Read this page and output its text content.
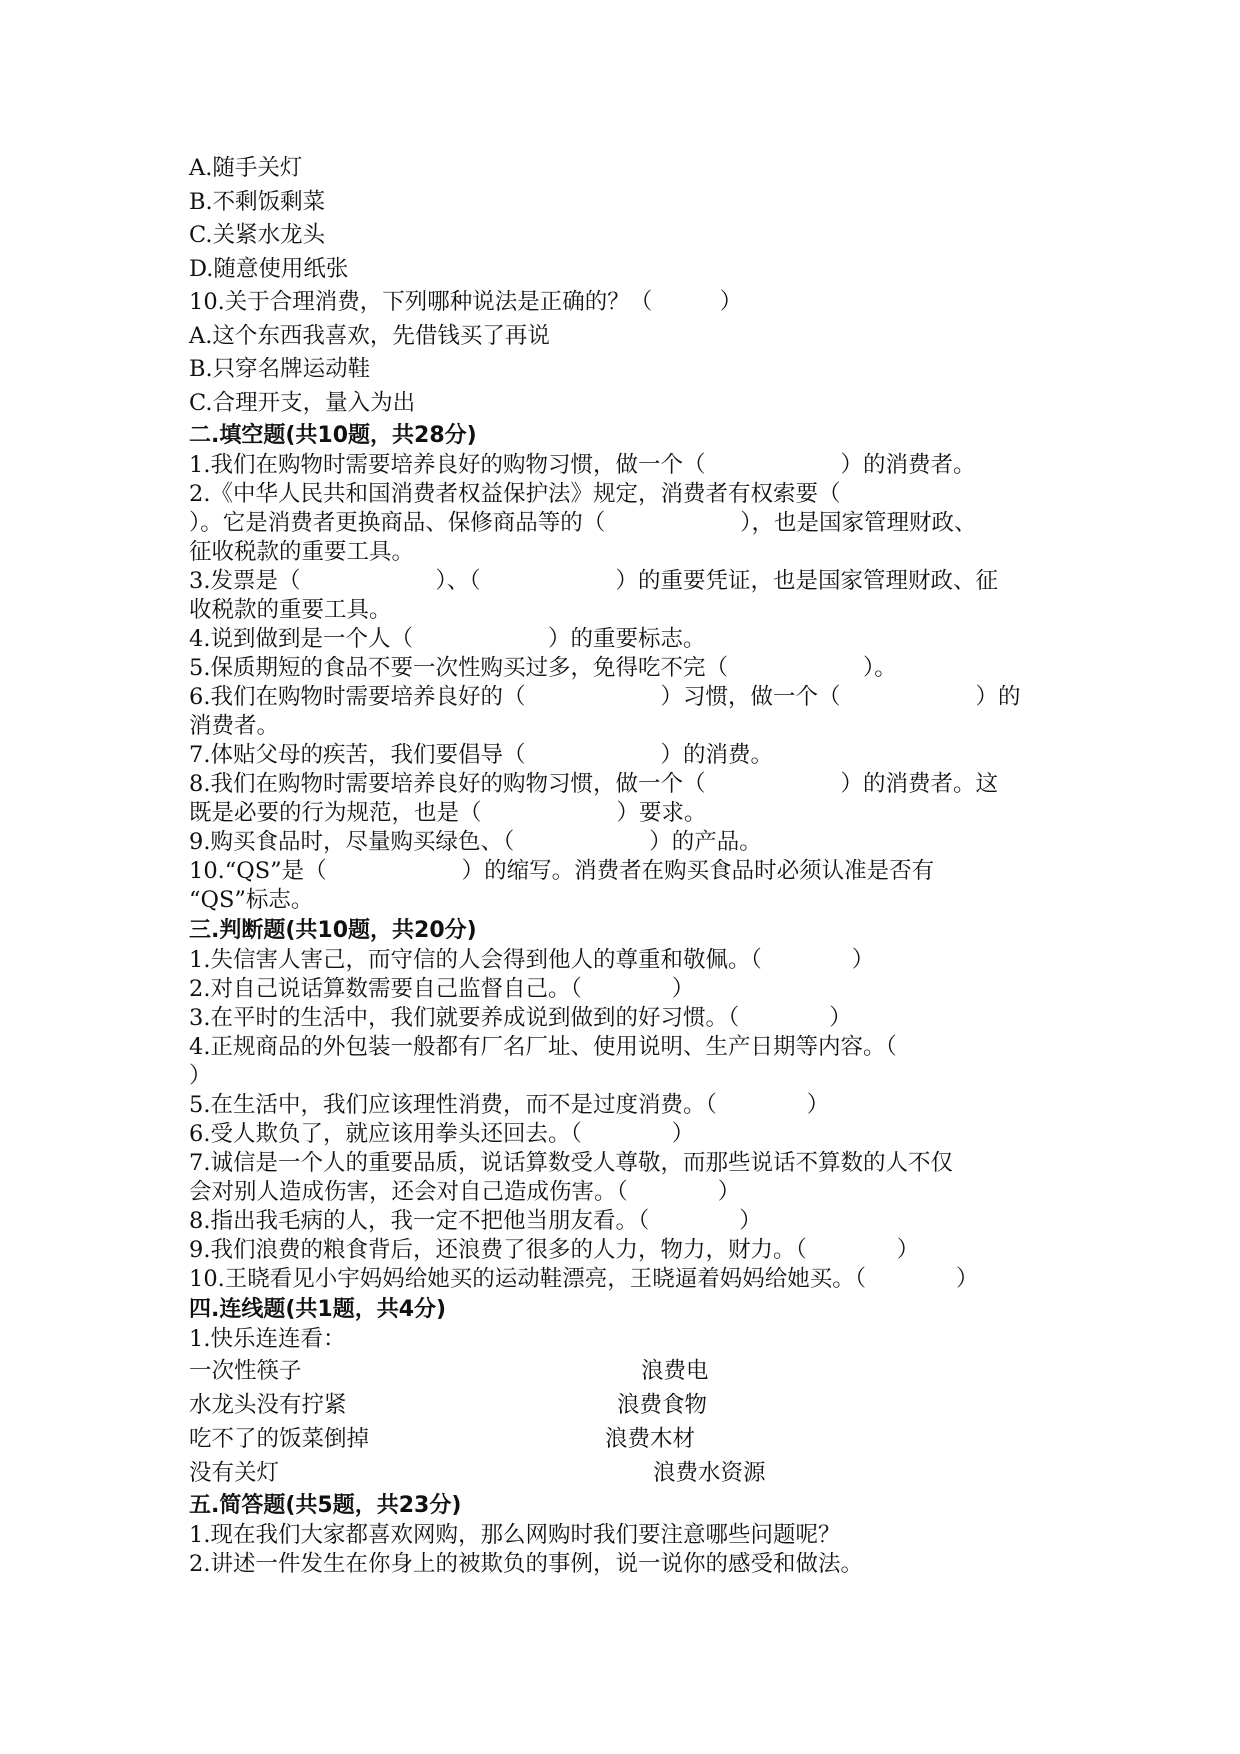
A.随手关灯

B.不剩饭剩菜

C.关紧水龙头

D.随意使用纸张

10.关于合理消费，下列哪种说法是正确的？（　　　）

A.这个东西我喜欢，先借钱买了再说

B.只穿名牌运动鞋

C.合理开支，量入为出

二.填空题(共10题，共28分)

1.我们在购物时需要培养良好的购物习惯，做一个（　　　　　　）的消费者。

2.《中华人民共和国消费者权益保护法》规定，消费者有权索要（

）。它是消费者更换商品、保修商品等的（　　　　　　），也是国家管理财政、

征收税款的重要工具。

3.发票是（　　　　　　）、（　　　　　　）的重要凭证，也是国家管理财政、征

收税款的重要工具。

4.说到做到是一个人（　　　　　　）的重要标志。

5.保质期短的食品不要一次性购买过多，免得吃不完（　　　　　　）。

6.我们在购物时需要培养良好的（　　　　　　）习惯，做一个（　　　　　　）的

消费者。

7.体贴父母的疾苦，我们要倡导（　　　　　　）的消费。

8.我们在购物时需要培养良好的购物习惯，做一个（　　　　　　）的消费者。这

既是必要的行为规范，也是（　　　　　　）要求。

9.购买食品时，尽量购买绿色、（　　　　　　）的产品。

10.“QS”是（　　　　　　）的缩写。消费者在购买食品时必须认准是否有

“QS”标志。

三.判断题(共10题，共20分)

1.失信害人害己，而守信的人会得到他人的尊重和敬佩。（　　　　）

2.对自己说话算数需要自己监督自己。（　　　　）

3.在平时的生活中，我们就要养成说到做到的好习惯。（　　　　）

4.正规商品的外包装一般都有厂名厂址、使用说明、生产日期等内容。（

）

5.在生活中，我们应该理性消费，而不是过度消费。（　　　　）

6.受人欺负了，就应该用拳头还回去。（　　　　）

7.诚信是一个人的重要品质，说话算数受人尊敬，而那些说话不算数的人不仅

会对别人造成伤害，还会对自己造成伤害。（　　　　）

8.指出我毛病的人，我一定不把他当朋友看。（　　　　）

9.我们浪费的粮食背后，还浪费了很多的人力，物力，财力。（　　　　）

10.王晓看见小宇妈妈给她买的运动鞋漂亮，王晓逼着妈妈给她买。（　　　　）

四.连线题(共1题，共4分)

1.快乐连连看：

一次性筷子	浪费电
水龙头没有拧紧	浪费食物
吃不了的饭菜倒掉	浪费木材
没有关灯	浪费水资源

五.简答题(共5题，共23分)

1.现在我们大家都喜欢网购，那么网购时我们要注意哪些问题呢？

2.讲述一件发生在你身上的被欺负的事例，说一说你的感受和做法。
